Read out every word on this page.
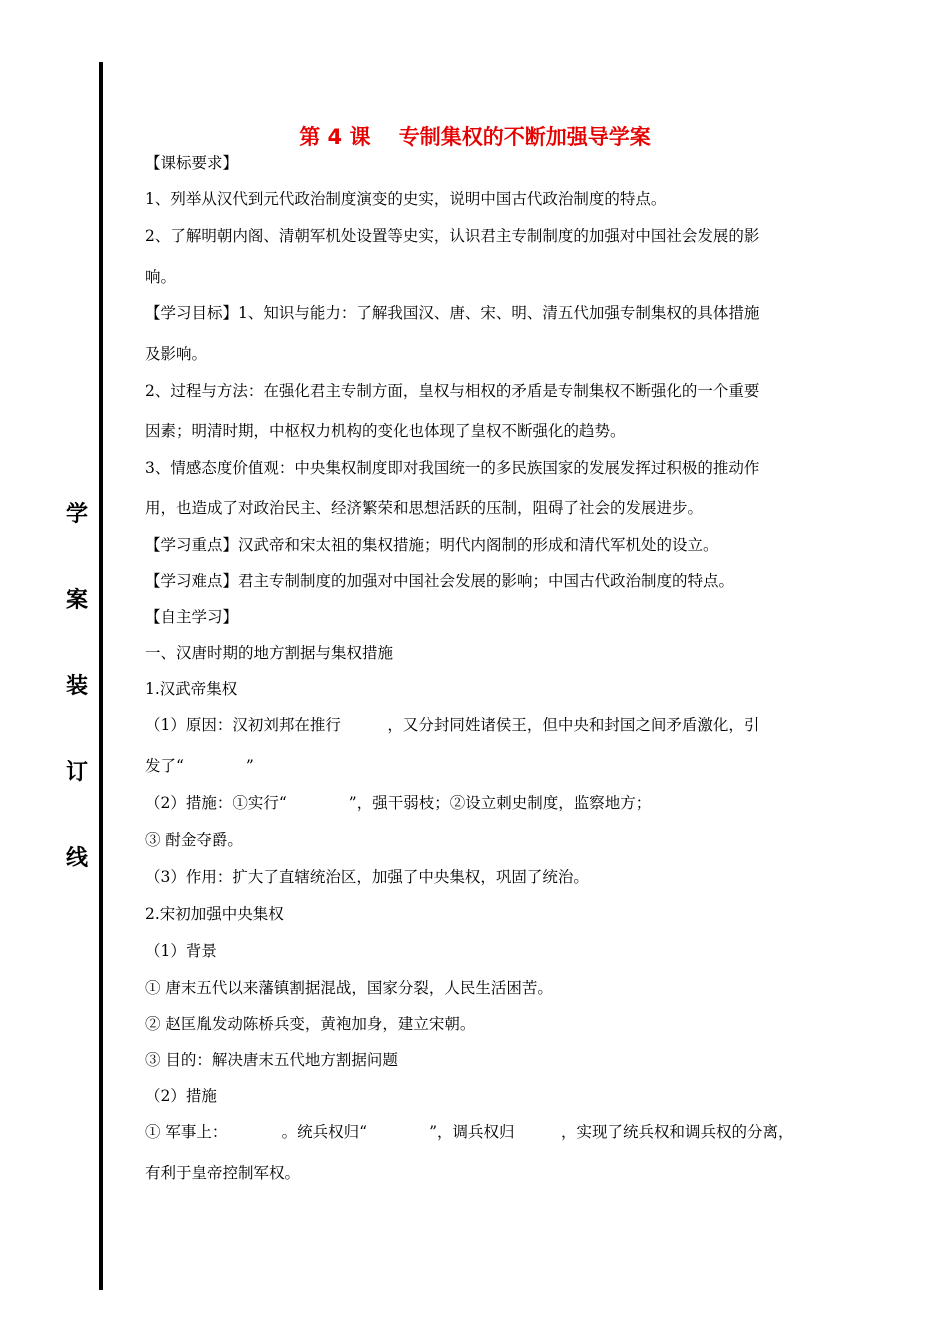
学
案
装
订
线
第 4 课　 专制集权的不断加强导学案
【课标要求】
1、列举从汉代到元代政治制度演变的史实，说明中国古代政治制度的特点。
2、了解明朝内阁、清朝军机处设置等史实，认识君主专制制度的加强对中国社会发展的影
响。
【学习目标】1、知识与能力：了解我国汉、唐、宋、明、清五代加强专制集权的具体措施
及影响。
2、过程与方法：在强化君主专制方面，皇权与相权的矛盾是专制集权不断强化的一个重要
因素；明清时期，中枢权力机构的变化也体现了皇权不断强化的趋势。
3、情感态度价值观：中央集权制度即对我国统一的多民族国家的发展发挥过积极的推动作
用，也造成了对政治民主、经济繁荣和思想活跃的压制，阻碍了社会的发展进步。
【学习重点】汉武帝和宋太祖的集权措施；明代内阁制的形成和清代军机处的设立。
【学习难点】君主专制制度的加强对中国社会发展的影响；中国古代政治制度的特点。
【自主学习】
一、汉唐时期的地方割据与集权措施
1.汉武帝集权
（1）原因：汉初刘邦在推行　　　，又分封同姓诸侯王，但中央和封国之间矛盾激化，引
发了“　　　　”
（2）措施：①实行“　　　　”，强干弱枝；②设立刺史制度，监察地方；
③ 酎金夺爵。
（3）作用：扩大了直辖统治区，加强了中央集权，巩固了统治。
2.宋初加强中央集权
（1）背景
① 唐末五代以来藩镇割据混战，国家分裂，人民生活困苦。
② 赵匡胤发动陈桥兵变，黄袍加身，建立宋朝。
③ 目的：解决唐末五代地方割据问题
（2）措施
① 军事上：　　　　。统兵权归“　　　　”，调兵权归　　　，实现了统兵权和调兵权的分离，
有利于皇帝控制军权。
